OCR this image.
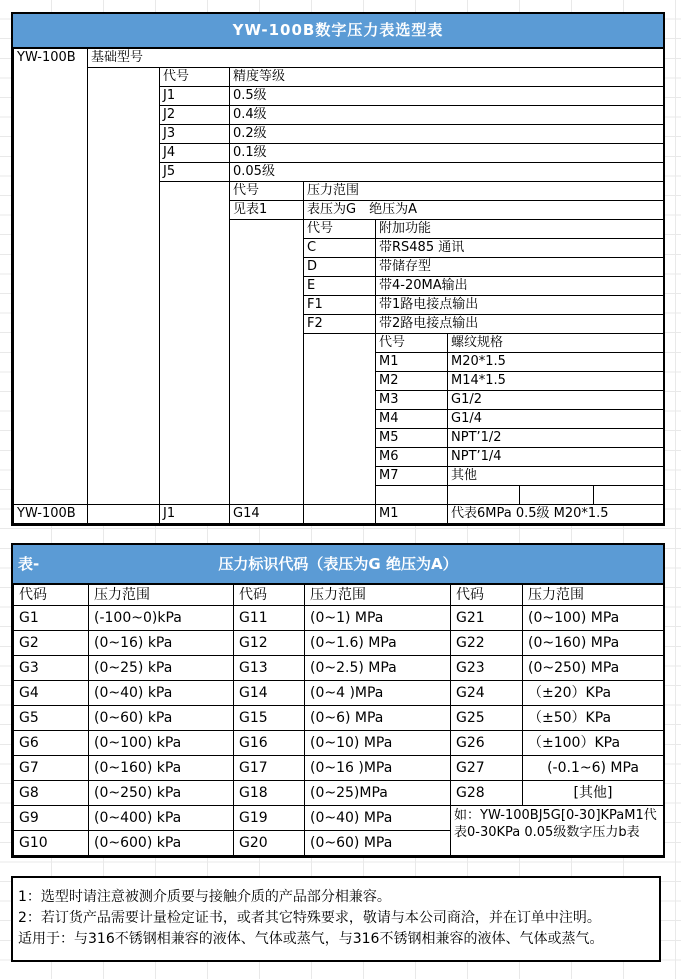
YW-100B数字压力表选型表
YW-100B	基础型号							
		代号	精度等级					
		J1	0.5级					
		J2	0.4级					
		J3	0.2级					
		J4	0.1级					
		J5	0.05级					
			代号	压力范围				
			见表1	表压为G　绝压为A				
				代号	附加功能			
				C	带RS485 通讯			
				D	带储存型			
				E	带4-20MA输出			
				F1	带1路电接点输出			
				F2	带2路电接点输出			
					代号	螺纹规格		
					M1	M20*1.5		
					M2	M14*1.5		
					M3	G1/2		
					M4	G1/4		
					M5	NPT’1/2		
					M6	NPT’1/4		
					M7	其他		

YW-100B		J1	G14		M1	代表6MPa 0.5级 M20*1.5		
表-	压力标识代码（表压为G 绝压为A）
代码	压力范围	代码	压力范围	代码	压力范围
G1	(-100~0)kPa	G11	(0~1) MPa	G21	(0~100) MPa
G2	(0~16) kPa	G12	(0~1.6) MPa	G22	(0~160) MPa
G3	(0~25) kPa	G13	(0~2.5) MPa	G23	(0~250) MPa
G4	(0~40) kPa	G14	(0~4 )MPa	G24	（±20）KPa
G5	(0~60) kPa	G15	(0~6) MPa	G25	（±50）KPa
G6	(0~100) kPa	G16	(0~10) MPa	G26	（±100）KPa
G7	(0~160) kPa	G17	(0~16 )MPa	G27	(-0.1~6) MPa
G8	(0~250) kPa	G18	(0~25)MPa	G28	[其他]
G9	(0~400) kPa	G19	(0~40) MPa	如：YW-100BJ5G[0-30]KPaM1代表0-30KPa 0.05级数字压力b表	
G10	(0~600) kPa	G20	(0~60) MPa		
1：选型时请注意被测介质要与接触介质的产品部分相兼容。
2：若订货产品需要计量检定证书，或者其它特殊要求，敬请与本公司商洽，并在订单中注明。
适用于：与316不锈钢相兼容的液体、气体或蒸气，与316不锈钢相兼容的液体、气体或蒸气。
